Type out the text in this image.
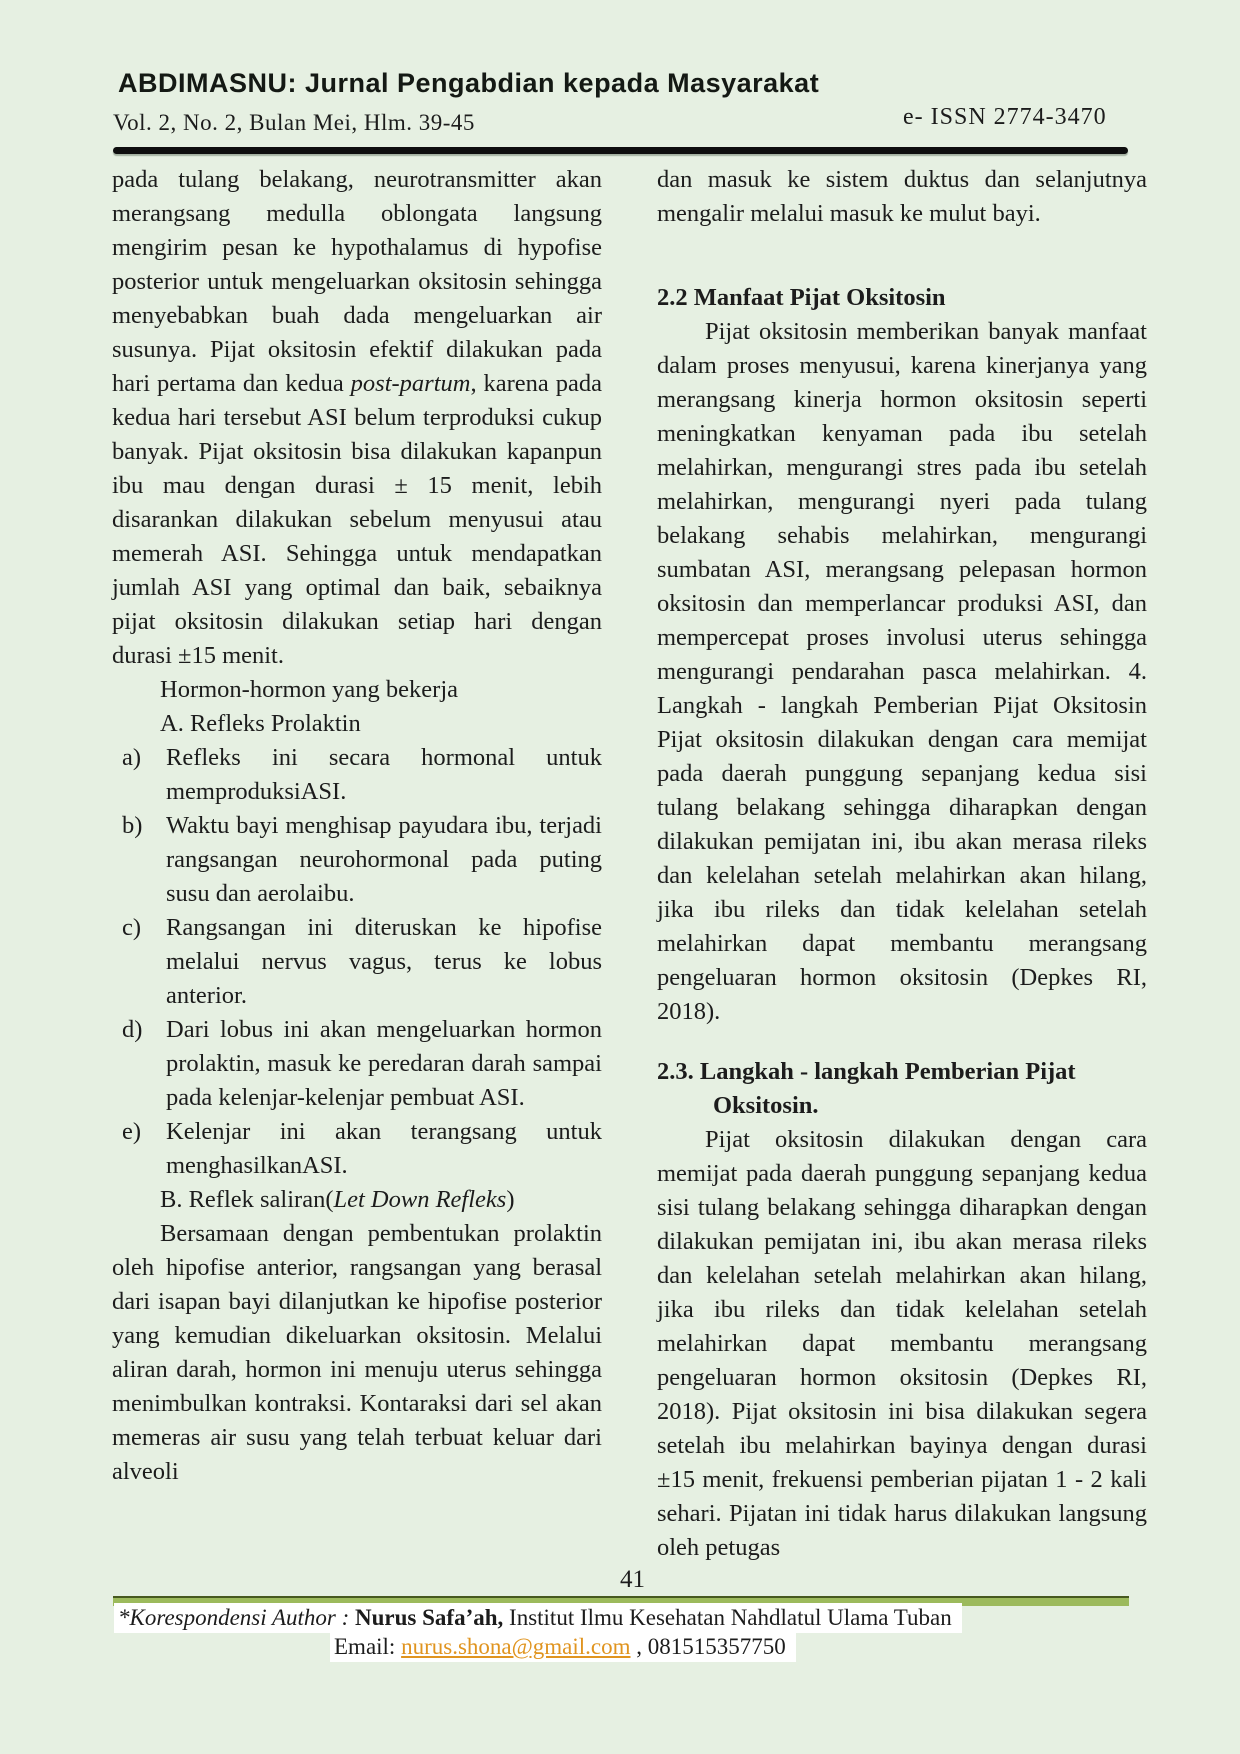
ABDIMASNU: Jurnal Pengabdian kepada Masyarakat
Vol. 2, No. 2, Bulan Mei, Hlm. 39-45	e- ISSN 2774-3470

pada tulang belakang, neurotransmitter akan merangsang medulla oblongata langsung mengirim pesan ke hypothalamus di hypofise posterior untuk mengeluarkan oksitosin sehingga menyebabkan buah dada mengeluarkan air susunya. Pijat oksitosin efektif dilakukan pada hari pertama dan kedua post-partum, karena pada kedua hari tersebut ASI belum terproduksi cukup banyak. Pijat oksitosin bisa dilakukan kapanpun ibu mau dengan durasi ± 15 menit, lebih disarankan dilakukan sebelum menyusui atau memerah ASI. Sehingga untuk mendapatkan jumlah ASI yang optimal dan baik, sebaiknya pijat oksitosin dilakukan setiap hari dengan durasi ±15 menit.

Hormon-hormon yang bekerja

A. Refleks Prolaktin

a) Refleks ini secara hormonal untuk memproduksiASI.

b) Waktu bayi menghisap payudara ibu, terjadi rangsangan neurohormonal pada puting susu dan aerolaibu.

c) Rangsangan ini diteruskan ke hipofise melalui nervus vagus, terus ke lobus anterior.

d) Dari lobus ini akan mengeluarkan hormon prolaktin, masuk ke peredaran darah sampai pada kelenjar-kelenjar pembuat ASI.

e) Kelenjar ini akan terangsang untuk menghasilkanASI.

B. Reflek saliran(Let Down Refleks)

Bersamaan dengan pembentukan prolaktin oleh hipofise anterior, rangsangan yang berasal dari isapan bayi dilanjutkan ke hipofise posterior yang kemudian dikeluarkan oksitosin. Melalui aliran darah, hormon ini menuju uterus sehingga menimbulkan kontraksi. Kontaraksi dari sel akan memeras air susu yang telah terbuat keluar dari alveoli

dan masuk ke sistem duktus dan selanjutnya mengalir melalui masuk ke mulut bayi.

2.2 Manfaat Pijat Oksitosin

Pijat oksitosin memberikan banyak manfaat dalam proses menyusui, karena kinerjanya yang merangsang kinerja hormon oksitosin seperti meningkatkan kenyaman pada ibu setelah melahirkan, mengurangi stres pada ibu setelah melahirkan, mengurangi nyeri pada tulang belakang sehabis melahirkan, mengurangi sumbatan ASI, merangsang pelepasan hormon oksitosin dan memperlancar produksi ASI, dan mempercepat proses involusi uterus sehingga mengurangi pendarahan pasca melahirkan. 4. Langkah - langkah Pemberian Pijat Oksitosin Pijat oksitosin dilakukan dengan cara memijat pada daerah punggung sepanjang kedua sisi tulang belakang sehingga diharapkan dengan dilakukan pemijatan ini, ibu akan merasa rileks dan kelelahan setelah melahirkan akan hilang, jika ibu rileks dan tidak kelelahan setelah melahirkan dapat membantu merangsang pengeluaran hormon oksitosin (Depkes RI, 2018).

2.3. Langkah - langkah Pemberian Pijat Oksitosin.

Pijat oksitosin dilakukan dengan cara memijat pada daerah punggung sepanjang kedua sisi tulang belakang sehingga diharapkan dengan dilakukan pemijatan ini, ibu akan merasa rileks dan kelelahan setelah melahirkan akan hilang, jika ibu rileks dan tidak kelelahan setelah melahirkan dapat membantu merangsang pengeluaran hormon oksitosin (Depkes RI, 2018). Pijat oksitosin ini bisa dilakukan segera setelah ibu melahirkan bayinya dengan durasi ±15 menit, frekuensi pemberian pijatan 1 - 2 kali sehari. Pijatan ini tidak harus dilakukan langsung oleh petugas

41
*Korespondensi Author : Nurus Safa’ah, Institut Ilmu Kesehatan Nahdlatul Ulama Tuban
Email: nurus.shona@gmail.com , 081515357750
